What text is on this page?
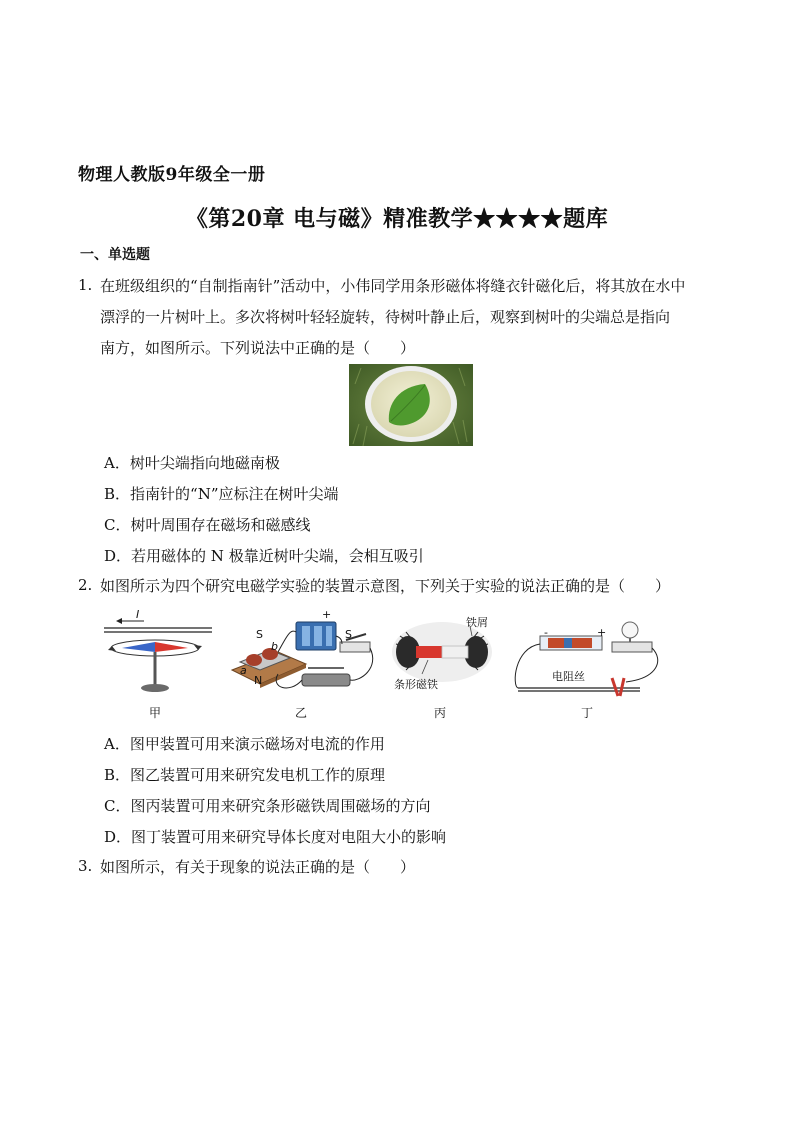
物理人教版9年级全一册
《第20章 电与磁》精准教学★★★★题库
一、单选题
1. 在班级组织的“自制指南针”活动中，小伟同学用条形磁体将缝衣针磁化后，将其放在水中
漂浮的一片树叶上。多次将树叶轻轻旋转，待树叶静止后，观察到树叶的尖端总是指向
南方，如图所示。下列说法中正确的是（　　）
A．树叶尖端指向地磁南极
B．指南针的“N”应标注在树叶尖端
C．树叶周围存在磁场和磁感线
D．若用磁体的 N 极靠近树叶尖端，会相互吸引
2. 如图所示为四个研究电磁学实验的装置示意图，下列关于实验的说法正确的是（　　）
I
S
b
S
+
a
N
铁屑
条形磁铁
-	+
电阻丝
甲	乙	丙	丁
A．图甲装置可用来演示磁场对电流的作用
B．图乙装置可用来研究发电机工作的原理
C．图丙装置可用来研究条形磁铁周围磁场的方向
D．图丁装置可用来研究导体长度对电阻大小的影响
3. 如图所示，有关于现象的说法正确的是（　　）
